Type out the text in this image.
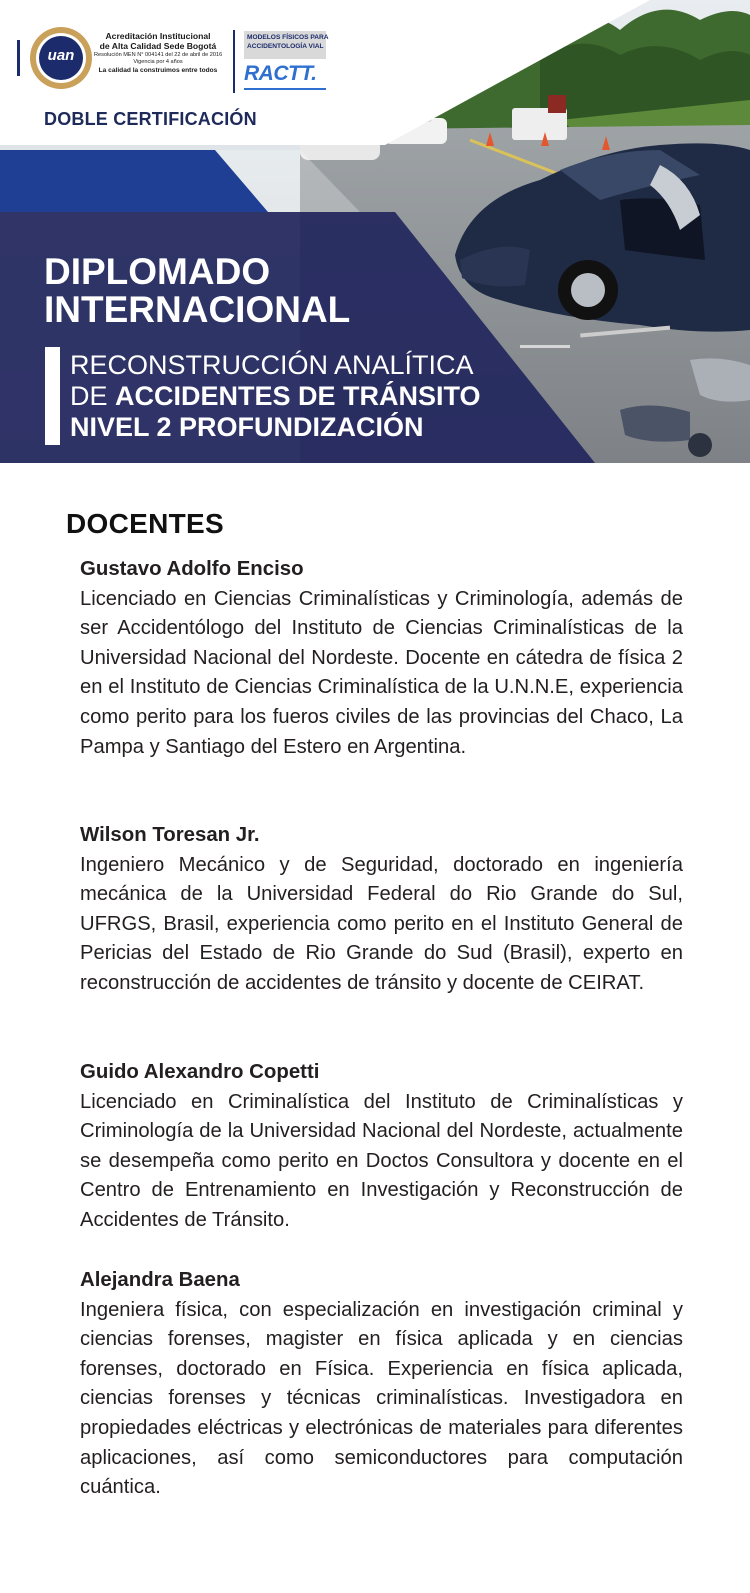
uan
Acreditación Institucional
de Alta Calidad Sede Bogotá
Resolución MEN N° 004141 del 22 de abril de 2016
Vigencia por 4 años
La calidad la construimos entre todos
MODELOS FÍSICOS PARA
ACCIDENTOLOGÍA VIAL
RACTT.
DOBLE CERTIFICACIÓN
DIPLOMADO
INTERNACIONAL
RECONSTRUCCIÓN ANALÍTICA
DE ACCIDENTES DE TRÁNSITO
NIVEL 2 PROFUNDIZACIÓN
DOCENTES
Gustavo Adolfo Enciso
Licenciado en Ciencias Criminalísticas y Criminología, además de ser Accidentólogo del Instituto de Ciencias Criminalísticas de la Universidad Nacional del Nordeste. Docente en cátedra de física 2 en el Instituto de Ciencias Criminalística de la U.N.N.E, experiencia como perito para los fueros civiles de las provincias del Chaco, La Pampa y Santiago del Estero en Argentina.
Wilson Toresan Jr.
Ingeniero Mecánico y de Seguridad, doctorado en ingeniería mecánica de la Universidad Federal do Rio Grande do Sul, UFRGS, Brasil, experiencia como perito en el Instituto General de Pericias del Estado de Rio Grande do Sud (Brasil), experto en reconstrucción de accidentes de tránsito y docente de CEIRAT.
Guido Alexandro Copetti
Licenciado en Criminalística del Instituto de Criminalísticas y Criminología de la Universidad Nacional del Nordeste, actualmente se desempeña como perito en Doctos Consultora y docente en el Centro de Entrenamiento en Investigación y Reconstrucción de Accidentes de Tránsito.
Alejandra Baena
Ingeniera física, con especialización en investigación criminal y ciencias forenses, magister en física aplicada y en ciencias forenses, doctorado en Física. Experiencia en física aplicada, ciencias forenses y técnicas criminalísticas. Investigadora en propiedades eléctricas y electrónicas de materiales para diferentes aplicaciones, así como semiconductores para computación cuántica.
